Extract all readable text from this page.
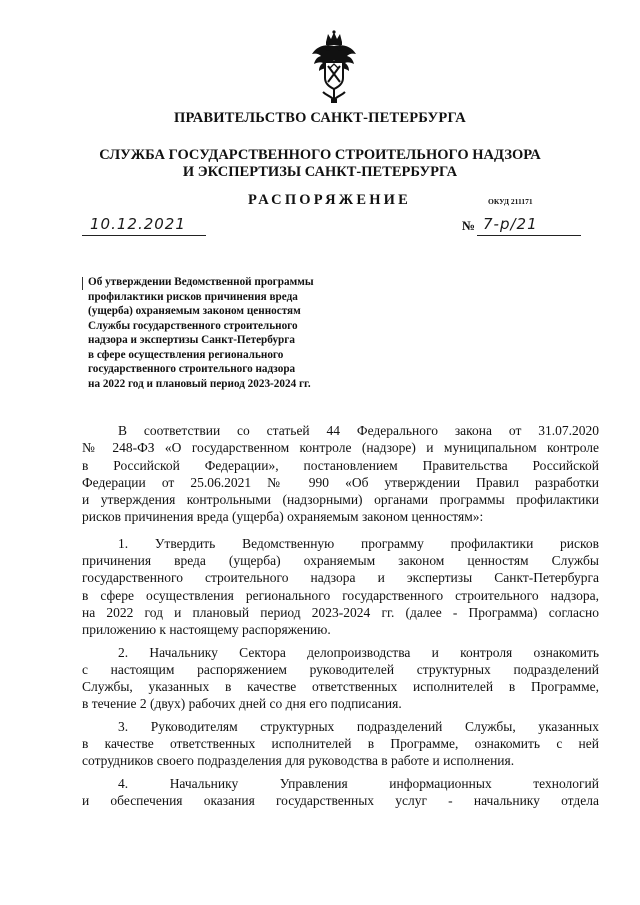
ПРАВИТЕЛЬСТВО САНКТ-ПЕТЕРБУРГА
СЛУЖБА ГОСУДАРСТВЕННОГО СТРОИТЕЛЬНОГО НАДЗОРА
И ЭКСПЕРТИЗЫ САНКТ-ПЕТЕРБУРГА
РАСПОРЯЖЕНИЕ	ОКУД 211171
10.12.2021	№ 7-р/21
Об утверждении Ведомственной программы
профилактики рисков причинения вреда
(ущерба) охраняемым законом ценностям
Службы государственного строительного
надзора и экспертизы Санкт-Петербурга
в сфере осуществления регионального
государственного строительного надзора
на 2022 год и плановый период 2023-2024 гг.
В соответствии со статьей 44 Федерального закона от 31.07.2020
№ 248-ФЗ «О государственном контроле (надзоре) и муниципальном контроле
в Российской Федерации», постановлением Правительства Российской
Федерации от 25.06.2021 № 990 «Об утверждении Правил разработки
и утверждения контрольными (надзорными) органами программы профилактики
рисков причинения вреда (ущерба) охраняемым законом ценностям»:
1. Утвердить Ведомственную программу профилактики рисков
причинения вреда (ущерба) охраняемым законом ценностям Службы
государственного строительного надзора и экспертизы Санкт-Петербурга
в сфере осуществления регионального государственного строительного надзора,
на 2022 год и плановый период 2023-2024 гг. (далее - Программа) согласно
приложению к настоящему распоряжению.
2. Начальнику Сектора делопроизводства и контроля ознакомить
с настоящим распоряжением руководителей структурных подразделений
Службы, указанных в качестве ответственных исполнителей в Программе,
в течение 2 (двух) рабочих дней со дня его подписания.
3. Руководителям структурных подразделений Службы, указанных
в качестве ответственных исполнителей в Программе, ознакомить с ней
сотрудников своего подразделения для руководства в работе и исполнения.
4. Начальнику Управления информационных технологий
и обеспечения оказания государственных услуг - начальнику отдела
